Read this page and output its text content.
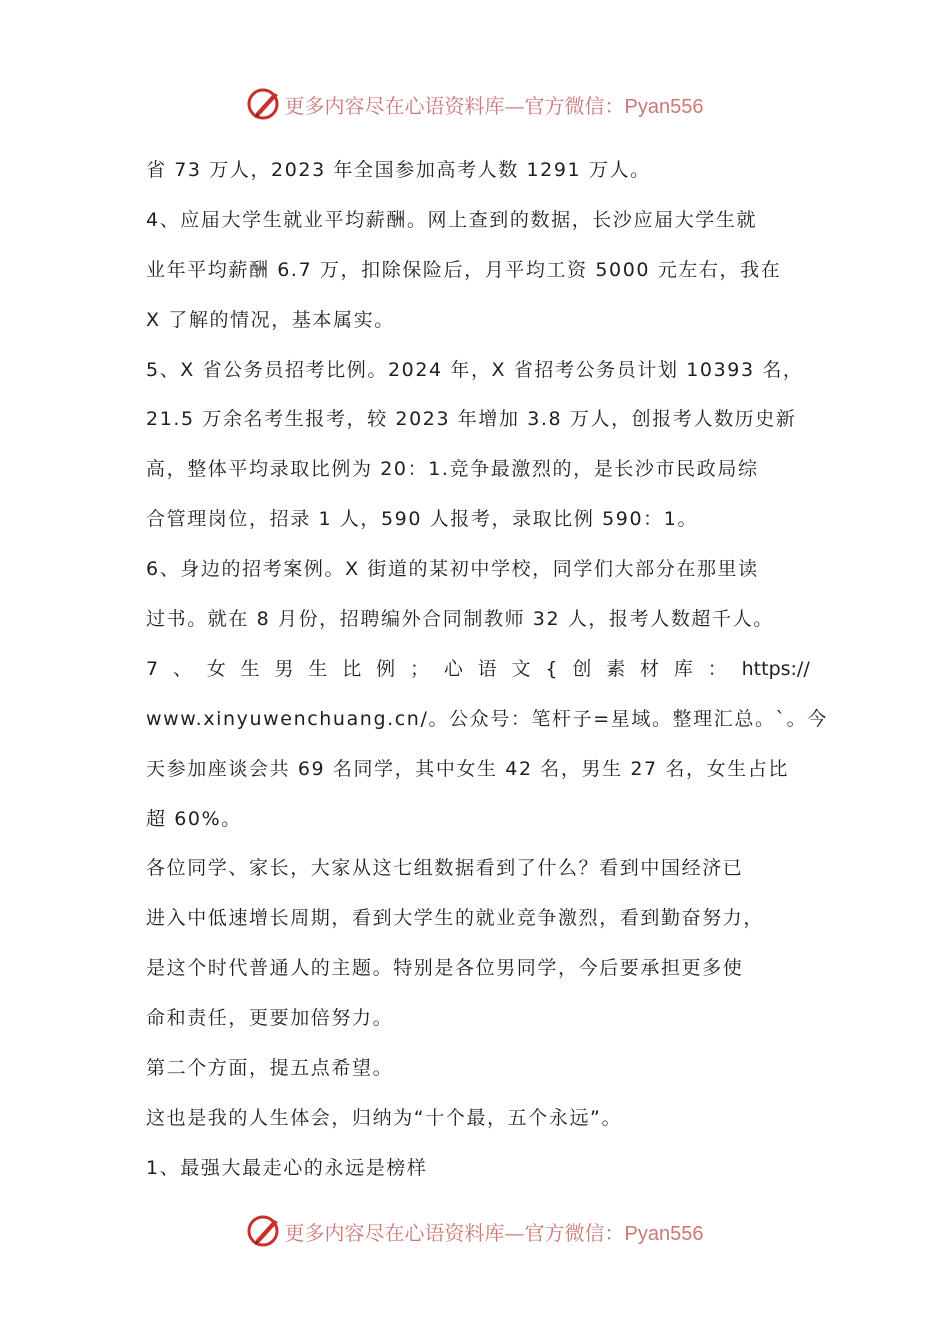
更多内容尽在心语资料库—官方微信：Pyan556
省 73 万人，2023 年全国参加高考人数 1291 万人。
4、应届大学生就业平均薪酬。网上查到的数据，长沙应届大学生就
业年平均薪酬 6.7 万，扣除保险后，月平均工资 5000 元左右，我在
X 了解的情况，基本属实。
5、X 省公务员招考比例。2024 年，X 省招考公务员计划 10393 名，
21.5 万余名考生报考，较 2023 年增加 3.8 万人，创报考人数历史新
高，整体平均录取比例为 20：1.竞争最激烈的，是长沙市民政局综
合管理岗位，招录 1 人，590 人报考，录取比例 590：1。
6、身边的招考案例。X 街道的某初中学校，同学们大部分在那里读
过书。就在 8 月份，招聘编外合同制教师 32 人，报考人数超千人。
7 、 女 生 男 生 比 例 ； 心 语 文 { 创 素 材 库 ： https://
www.xinyuwenchuang.cn/。公众号：笔杆子=星域。整理汇总。`。今
天参加座谈会共 69 名同学，其中女生 42 名，男生 27 名，女生占比
超 60%。
各位同学、家长，大家从这七组数据看到了什么？看到中国经济已
进入中低速增长周期，看到大学生的就业竞争激烈，看到勤奋努力，
是这个时代普通人的主题。特别是各位男同学，今后要承担更多使
命和责任，更要加倍努力。
第二个方面，提五点希望。
这也是我的人生体会，归纳为“十个最，五个永远”。
1、最强大最走心的永远是榜样
更多内容尽在心语资料库—官方微信：Pyan556
